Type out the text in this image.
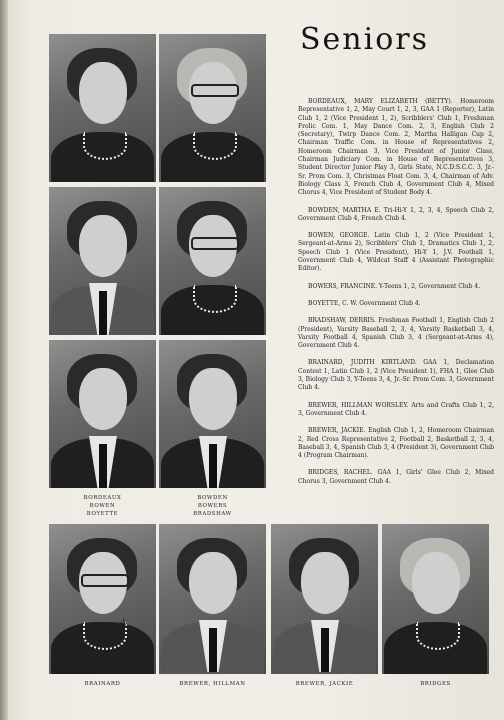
Seniors
BORDEAUX
BOWEN
BOYETTE
BOWDEN
BOWERS
BRADSHAW
BRAINARD	BREWER, HILLMAN	BREWER, JACKIE	BRIDGES

BORDEAUX, MARY ELIZABETH (BETTY). Homeroom Representative 1, 2, May Court 1, 2, 3, GAA 1 (Reporter), Latin Club 1, 2 (Vice President 1, 2), Scribblers' Club 1, Freshman Frolic Com. 1, May Dance Com. 2, 3, English Club 2 (Secretary), Twirp Dance Com. 2, Martha Halligan Cup 2, Chairman Traffic Com. in House of Representatives 2, Homeroom Chairman 3, Vice President of Junior Class, Chairman Judiciary Com. in House of Representatives 3, Student Director Junior Play 3, Girls State, N.C.D.S.C.C. 3, Jr.-Sr. Prom Com. 3, Christmas Float Com. 3, 4, Chairman of Adv. Biology Class 3, French Club 4, Government Club 4, Mixed Chorus 4, Vice President of Student Body 4.

BOWDEN, MARTHA E. Tri-Hi-Y 1, 2, 3, 4, Speech Club 2, Government Club 4, French Club 4.

BOWEN, GEORGE. Latin Club 1, 2 (Vice President 1, Sergeant-at-Arms 2), Scribblers' Club 1, Dramatics Club 1, 2, Speech Club 1 (Vice President), Hi-Y 1, J.V. Football 1, Government Club 4, Wildcat Staff 4 (Assistant Photographic Editor).

BOWERS, FRANCINE. Y-Teens 1, 2, Government Club 4.

BOYETTE, C. W. Government Club 4.

BRADSHAW, DERRIS. Freshman Football 1, English Club 2 (President), Varsity Baseball 2, 3, 4, Varsity Basketball 3, 4, Varsity Football 4, Spanish Club 3, 4 (Sergeant-at-Arms 4), Government Club 4.

BRAINARD, JUDITH KIRTLAND. GAA 1, Declamation Contest 1, Latin Club 1, 2 (Vice President 1), FHA 1, Glee Club 3, Biology Club 3, Y-Teens 3, 4, Jr.-Sr. Prom Com. 3, Government Club 4.

BREWER, HILLMAN WORSLEY. Arts and Crafts Club 1, 2, 3, Government Club 4.

BREWER, JACKIE. English Club 1, 2, Homeroom Chairman 2, Red Cross Representative 2, Football 2, Basketball 2, 3, 4, Baseball 3, 4, Spanish Club 3, 4 (President 3), Government Club 4 (Program Chairman).

BRIDGES, RACHEL. GAA 1, Girls' Glee Club 2, Mixed Chorus 3, Government Club 4.

Judy
